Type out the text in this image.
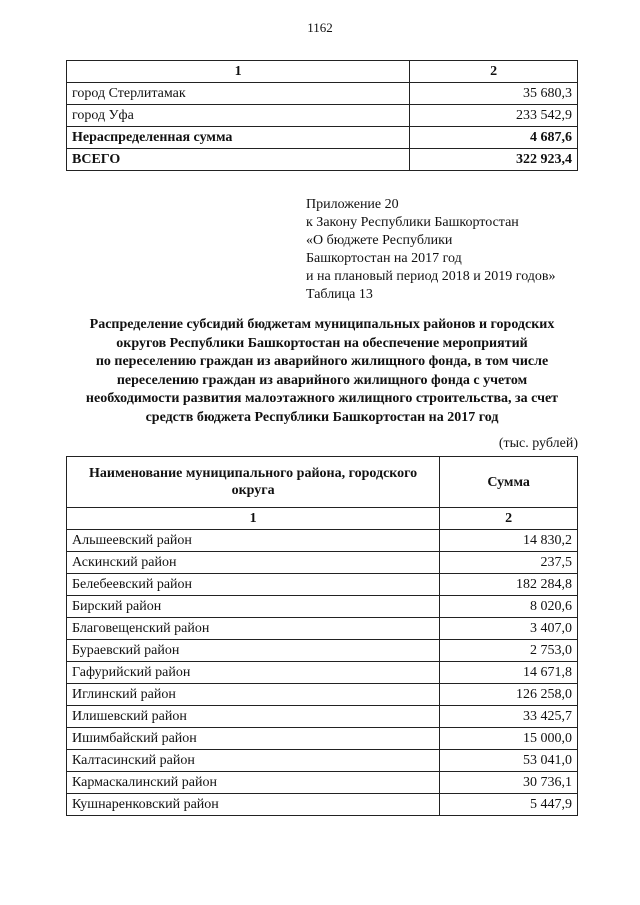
1162
1	2
город Стерлитамак	35 680,3
город Уфа	233 542,9
Нераспределенная сумма	4 687,6
ВСЕГО	322 923,4
Приложение 20
к Закону Республики Башкортостан
«О бюджете Республики
Башкортостан на 2017 год
и на плановый период 2018 и 2019 годов»
Таблица 13
Распределение субсидий бюджетам муниципальных районов и городских
округов Республики Башкортостан на обеспечение мероприятий
по переселению граждан из аварийного жилищного фонда, в том числе
переселению граждан из аварийного жилищного фонда с учетом
необходимости развития малоэтажного жилищного строительства, за счет
средств бюджета Республики Башкортостан на 2017 год
(тыс. рублей)
Наименование муниципального района, городского округа	Сумма
1	2
Альшеевский район	14 830,2
Аскинский район	237,5
Белебеевский район	182 284,8
Бирский район	8 020,6
Благовещенский район	3 407,0
Бураевский район	2 753,0
Гафурийский район	14 671,8
Иглинский район	126 258,0
Илишевский район	33 425,7
Ишимбайский район	15 000,0
Калтасинский район	53 041,0
Кармаскалинский район	30 736,1
Кушнаренковский район	5 447,9
